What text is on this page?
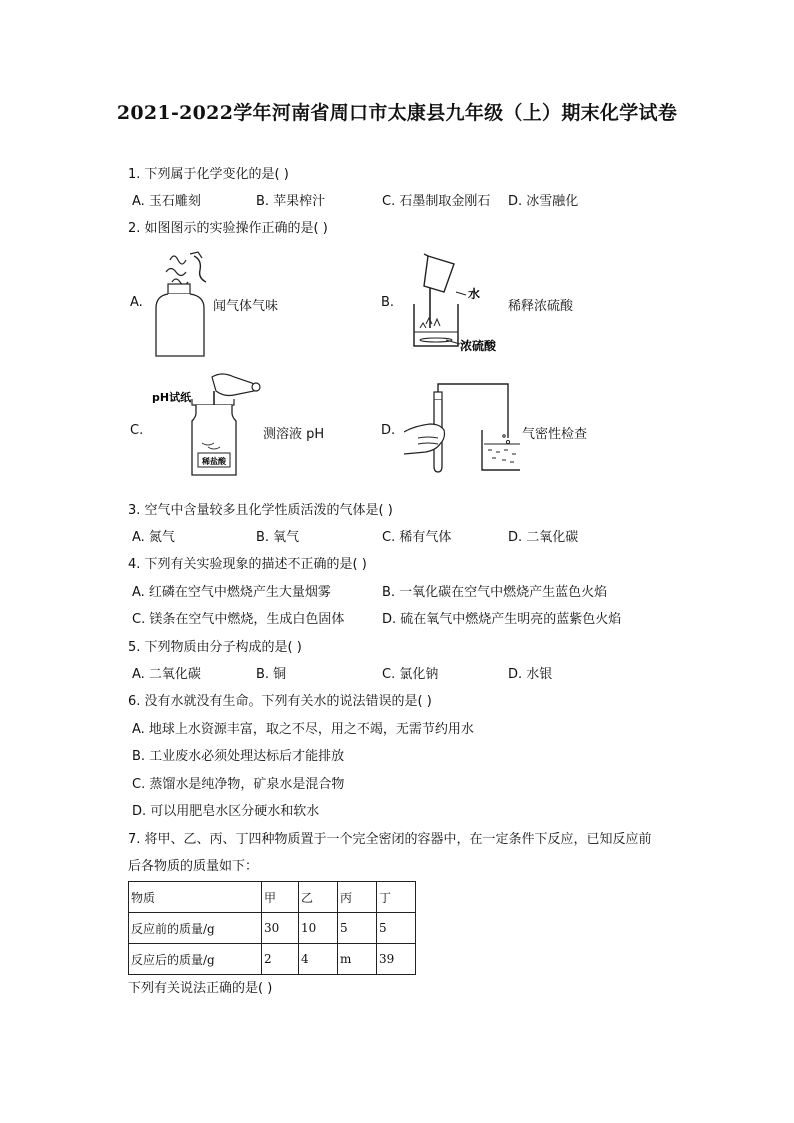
2021-2022学年河南省周口市太康县九年级（上）期末化学试卷
1. 下列属于化学变化的是( )
A. 玉石雕刻	B. 苹果榨汁	C. 石墨制取金刚石 D. 冰雪融化
2. 如图图示的实验操作正确的是( )
A.	闻气体气味	B.
水
浓硫酸
稀释浓硫酸
C.
pH试纸
稀盐酸
测溶液 pH	D.	气密性检查
3. 空气中含量较多且化学性质活泼的气体是( )
A. 氮气	B. 氧气	C. 稀有气体	D. 二氧化碳
4. 下列有关实验现象的描述不正确的是( )
A. 红磷在空气中燃烧产生大量烟雾	B. 一氧化碳在空气中燃烧产生蓝色火焰
C. 镁条在空气中燃烧，生成白色固体	D. 硫在氧气中燃烧产生明亮的蓝紫色火焰
5. 下列物质由分子构成的是( )
A. 二氧化碳	B. 铜	C. 氯化钠	D. 水银
6. 没有水就没有生命。下列有关水的说法错误的是( )
A. 地球上水资源丰富，取之不尽，用之不竭，无需节约用水
B. 工业废水必须处理达标后才能排放
C. 蒸馏水是纯净物，矿泉水是混合物
D. 可以用肥皂水区分硬水和软水
7. 将甲、乙、丙、丁四种物质置于一个完全密闭的容器中，在一定条件下反应，已知反应前
后各物质的质量如下：
物质	甲	乙	丙	丁
反应前的质量/g	30	10	5	5
反应后的质量/g	2	4	m	39
下列有关说法正确的是( )
